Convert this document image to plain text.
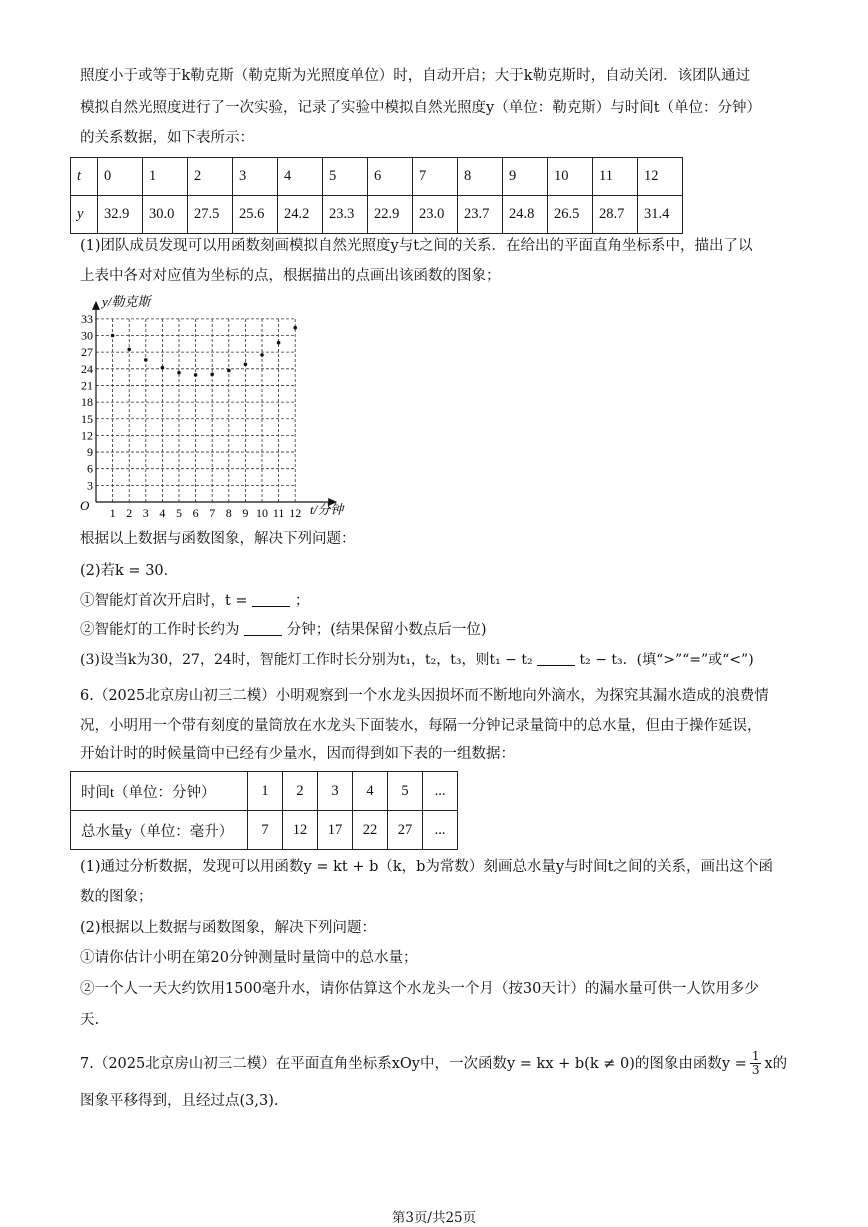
照度小于或等于k勒克斯（勒克斯为光照度单位）时，自动开启；大于k勒克斯时，自动关闭．该团队通过
模拟自然光照度进行了一次实验，记录了实验中模拟自然光照度y（单位：勒克斯）与时间t（单位：分钟）
的关系数据，如下表所示：
t	0	1	2	3	4	5	6	7	8	9	10	11	12
y	32.9	30.0	27.5	25.6	24.2	23.3	22.9	23.0	23.7	24.8	26.5	28.7	31.4
(1)团队成员发现可以用函数刻画模拟自然光照度y与t之间的关系．在给出的平面直角坐标系中，描出了以
上表中各对对应值为坐标的点，根据描出的点画出该函数的图象；
1 2 3 4 5 6 7 8 9 10 11 12
3
6
9
12
15
18
21
24
27
30
33
y/勒克斯
t/分钟
O
根据以上数据与函数图象，解决下列问题：
(2)若k = 30．
①智能灯首次开启时，t =	；
②智能灯的工作时长约为	分钟；(结果保留小数点后一位)
(3)设当k为30，27，24时，智能灯工作时长分别为t₁，t₂，t₃，则t₁ − t₂	t₂ − t₃．(填“>”“=”或“<”)
6.（2025北京房山初三二模）小明观察到一个水龙头因损坏而不断地向外滴水，为探究其漏水造成的浪费情
况，小明用一个带有刻度的量筒放在水龙头下面装水，每隔一分钟记录量筒中的总水量，但由于操作延误，
开始计时的时候量筒中已经有少量水，因而得到如下表的一组数据：
时间t（单位：分钟）	1	2	3	4	5	...
总水量y（单位：毫升）	7	12	17	22	27	...
(1)通过分析数据，发现可以用函数y = kt + b（k，b为常数）刻画总水量y与时间t之间的关系，画出这个函
数的图象；
(2)根据以上数据与函数图象，解决下列问题：
①请你估计小明在第20分钟测量时量筒中的总水量；
②一个人一天大约饮用1500毫升水，请你估算这个水龙头一个月（按30天计）的漏水量可供一人饮用多少
天.
7.（2025北京房山初三二模）在平面直角坐标系xOy中，一次函数y = kx + b(k ≠ 0)的图象由函数$y = \frac{1}{3}$ x的
图象平移得到，且经过点(3,3).
第3页/共25页
